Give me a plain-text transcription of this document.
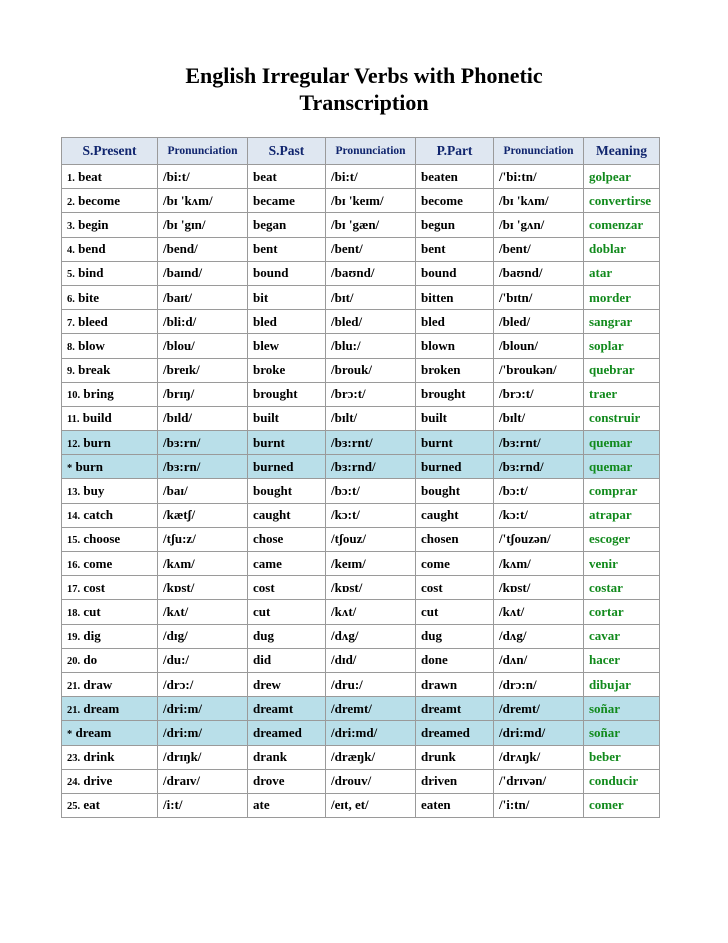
English Irregular Verbs with Phonetic
Transcription
S.Present	Pronunciation	S.Past	Pronunciation	P.Part	Pronunciation	Meaning
1. beat	/bi:t/	beat	/bi:t/	beaten	/'bi:tn/	golpear
2. become	/bɪ 'kʌm/	became	/bɪ 'keɪm/	become	/bɪ 'kʌm/	convertirse
3. begin	/bɪ 'gɪn/	began	/bɪ 'gæn/	begun	/bɪ 'gʌn/	comenzar
4. bend	/bend/	bent	/bent/	bent	/bent/	doblar
5. bind	/baɪnd/	bound	/baʊnd/	bound	/baʊnd/	atar
6. bite	/baɪt/	bit	/bɪt/	bitten	/'bɪtn/	morder
7. bleed	/bli:d/	bled	/bled/	bled	/bled/	sangrar
8. blow	/blou/	blew	/blu:/	blown	/bloun/	soplar
9. break	/breɪk/	broke	/brouk/	broken	/'broukən/	quebrar
10. bring	/brɪŋ/	brought	/brɔ:t/	brought	/brɔ:t/	traer
11. build	/bɪld/	built	/bɪlt/	built	/bɪlt/	construir
12. burn	/bɜ:rn/	burnt	/bɜ:rnt/	burnt	/bɜ:rnt/	quemar
* burn	/bɜ:rn/	burned	/bɜ:rnd/	burned	/bɜ:rnd/	quemar
13. buy	/baɪ/	bought	/bɔ:t/	bought	/bɔ:t/	comprar
14. catch	/kætʃ/	caught	/kɔ:t/	caught	/kɔ:t/	atrapar
15. choose	/tʃu:z/	chose	/tʃouz/	chosen	/'tʃouzən/	escoger
16. come	/kʌm/	came	/keɪm/	come	/kʌm/	venir
17. cost	/kɒst/	cost	/kɒst/	cost	/kɒst/	costar
18. cut	/kʌt/	cut	/kʌt/	cut	/kʌt/	cortar
19. dig	/dɪg/	dug	/dʌg/	dug	/dʌg/	cavar
20. do	/du:/	did	/dɪd/	done	/dʌn/	hacer
21. draw	/drɔ:/	drew	/dru:/	drawn	/drɔ:n/	dibujar
21. dream	/dri:m/	dreamt	/dremt/	dreamt	/dremt/	soñar
* dream	/dri:m/	dreamed	/dri:md/	dreamed	/dri:md/	soñar
23. drink	/drɪŋk/	drank	/dræŋk/	drunk	/drʌŋk/	beber
24. drive	/draɪv/	drove	/drouv/	driven	/'drɪvən/	conducir
25. eat	/i:t/	ate	/eɪt, et/	eaten	/'i:tn/	comer
